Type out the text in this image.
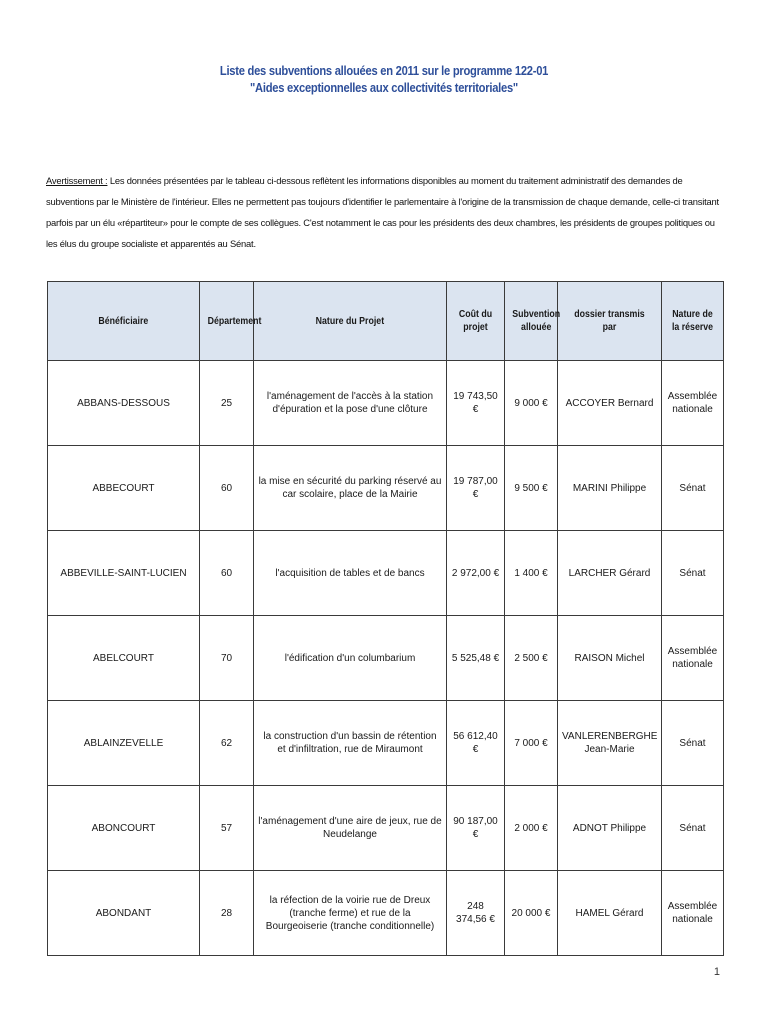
Liste des subventions allouées en 2011 sur le programme 122-01
"Aides exceptionnelles aux collectivités territoriales"
Avertissement : Les données présentées par le tableau ci-dessous reflètent les informations disponibles au moment du traitement administratif des demandes de subventions par le Ministère de l'intérieur. Elles ne permettent pas toujours d'identifier le parlementaire à l'origine de la transmission de chaque demande, celle-ci transitant parfois par un élu «répartiteur» pour le compte de ses collègues. C'est notamment le cas pour les présidents des deux chambres, les présidents de groupes politiques ou les élus du groupe socialiste et apparentés au Sénat.
Bénéficiaire	Département	Nature du Projet	Coût du projet	Subvention allouée	dossier transmis par	Nature de la réserve
ABBANS-DESSOUS	25	l'aménagement de l'accès à la station d'épuration et la pose d'une clôture	19 743,50 €	9 000 €	ACCOYER Bernard	Assemblée nationale
ABBECOURT	60	la mise en sécurité du parking réservé au car scolaire, place de la Mairie	19 787,00 €	9 500 €	MARINI Philippe	Sénat
ABBEVILLE-SAINT-LUCIEN	60	l'acquisition de tables et de bancs	2 972,00 €	1 400 €	LARCHER Gérard	Sénat
ABELCOURT	70	l'édification d'un columbarium	5 525,48 €	2 500 €	RAISON Michel	Assemblée nationale
ABLAINZEVELLE	62	la construction d'un bassin de rétention et d'infiltration, rue de Miraumont	56 612,40 €	7 000 €	VANLERENBERGHE Jean-Marie	Sénat
ABONCOURT	57	l'aménagement d'une aire de jeux, rue de Neudelange	90 187,00 €	2 000 €	ADNOT Philippe	Sénat
ABONDANT	28	la réfection de la voirie rue de Dreux (tranche ferme) et rue de la Bourgeoiserie (tranche conditionnelle)	248 374,56 €	20 000 €	HAMEL Gérard	Assemblée nationale
1
